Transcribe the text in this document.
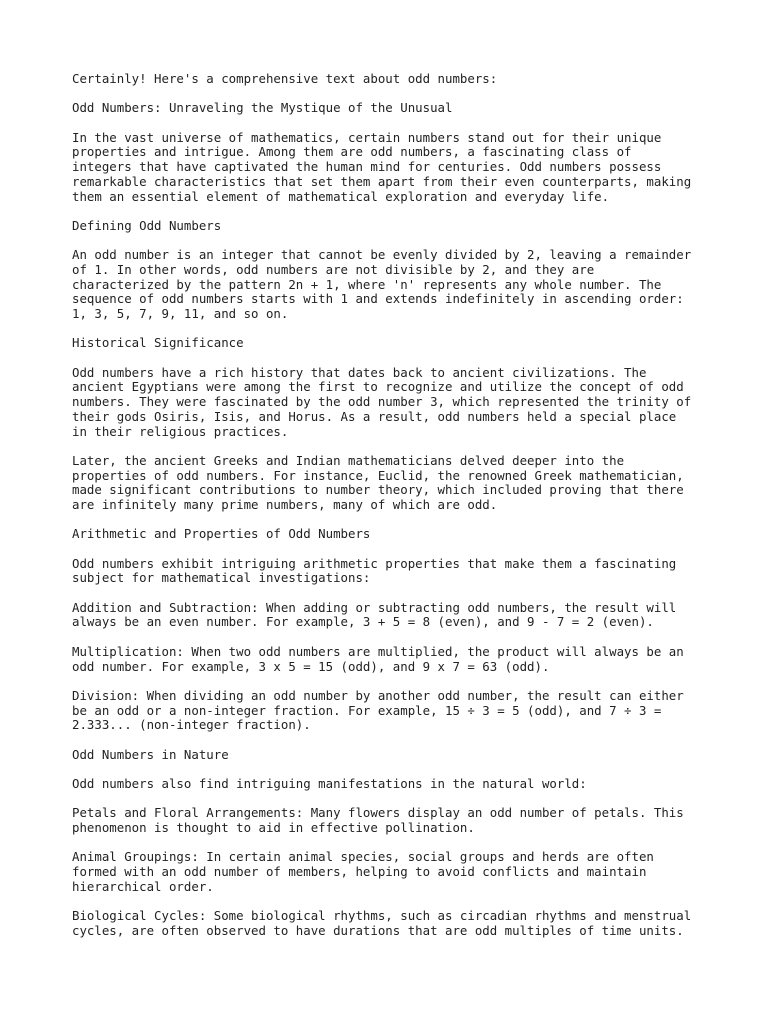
Certainly! Here's a comprehensive text about odd numbers:
Odd Numbers: Unraveling the Mystique of the Unusual
In the vast universe of mathematics, certain numbers stand out for their unique
properties and intrigue. Among them are odd numbers, a fascinating class of
integers that have captivated the human mind for centuries. Odd numbers possess
remarkable characteristics that set them apart from their even counterparts, making
them an essential element of mathematical exploration and everyday life.
Defining Odd Numbers
An odd number is an integer that cannot be evenly divided by 2, leaving a remainder
of 1. In other words, odd numbers are not divisible by 2, and they are
characterized by the pattern 2n + 1, where 'n' represents any whole number. The
sequence of odd numbers starts with 1 and extends indefinitely in ascending order:
1, 3, 5, 7, 9, 11, and so on.
Historical Significance
Odd numbers have a rich history that dates back to ancient civilizations. The
ancient Egyptians were among the first to recognize and utilize the concept of odd
numbers. They were fascinated by the odd number 3, which represented the trinity of
their gods Osiris, Isis, and Horus. As a result, odd numbers held a special place
in their religious practices.
Later, the ancient Greeks and Indian mathematicians delved deeper into the
properties of odd numbers. For instance, Euclid, the renowned Greek mathematician,
made significant contributions to number theory, which included proving that there
are infinitely many prime numbers, many of which are odd.
Arithmetic and Properties of Odd Numbers
Odd numbers exhibit intriguing arithmetic properties that make them a fascinating
subject for mathematical investigations:
Addition and Subtraction: When adding or subtracting odd numbers, the result will
always be an even number. For example, 3 + 5 = 8 (even), and 9 - 7 = 2 (even).
Multiplication: When two odd numbers are multiplied, the product will always be an
odd number. For example, 3 x 5 = 15 (odd), and 9 x 7 = 63 (odd).
Division: When dividing an odd number by another odd number, the result can either
be an odd or a non-integer fraction. For example, 15 ÷ 3 = 5 (odd), and 7 ÷ 3 =
2.333... (non-integer fraction).
Odd Numbers in Nature
Odd numbers also find intriguing manifestations in the natural world:
Petals and Floral Arrangements: Many flowers display an odd number of petals. This
phenomenon is thought to aid in effective pollination.
Animal Groupings: In certain animal species, social groups and herds are often
formed with an odd number of members, helping to avoid conflicts and maintain
hierarchical order.
Biological Cycles: Some biological rhythms, such as circadian rhythms and menstrual
cycles, are often observed to have durations that are odd multiples of time units.
